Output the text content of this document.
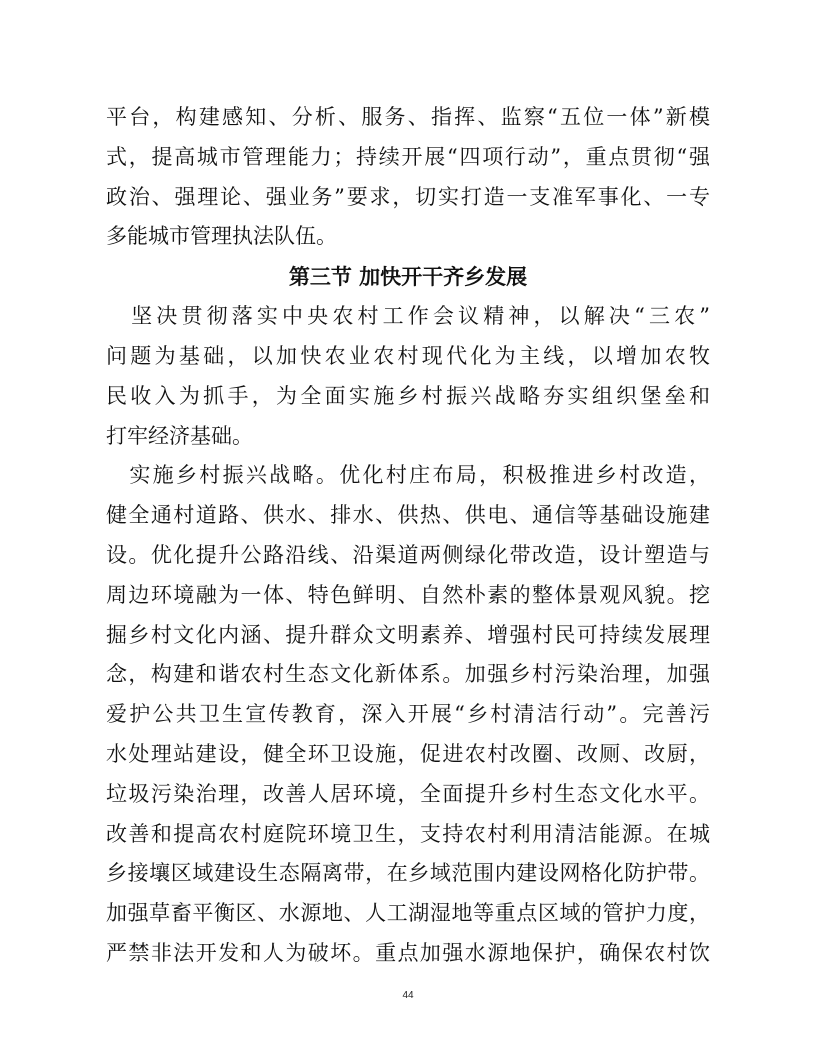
平台，构建感知、分析、服务、指挥、监察“五位一体”新模
式，提高城市管理能力；持续开展“四项行动”，重点贯彻“强
政治、强理论、强业务”要求，切实打造一支准军事化、一专
多能城市管理执法队伍。
第三节 加快开干齐乡发展
　坚决贯彻落实中央农村工作会议精神，以解决“三农”
问题为基础，以加快农业农村现代化为主线，以增加农牧
民收入为抓手，为全面实施乡村振兴战略夯实组织堡垒和
打牢经济基础。
　实施乡村振兴战略。优化村庄布局，积极推进乡村改造，
健全通村道路、供水、排水、供热、供电、通信等基础设施建
设。优化提升公路沿线、沿渠道两侧绿化带改造，设计塑造与
周边环境融为一体、特色鲜明、自然朴素的整体景观风貌。挖
掘乡村文化内涵、提升群众文明素养、增强村民可持续发展理
念，构建和谐农村生态文化新体系。加强乡村污染治理，加强
爱护公共卫生宣传教育，深入开展“乡村清洁行动”。完善污
水处理站建设，健全环卫设施，促进农村改圈、改厕、改厨，
垃圾污染治理，改善人居环境，全面提升乡村生态文化水平。
改善和提高农村庭院环境卫生，支持农村利用清洁能源。在城
乡接壤区域建设生态隔离带，在乡域范围内建设网格化防护带。
加强草畜平衡区、水源地、人工湖湿地等重点区域的管护力度，
严禁非法开发和人为破坏。重点加强水源地保护，确保农村饮
44
